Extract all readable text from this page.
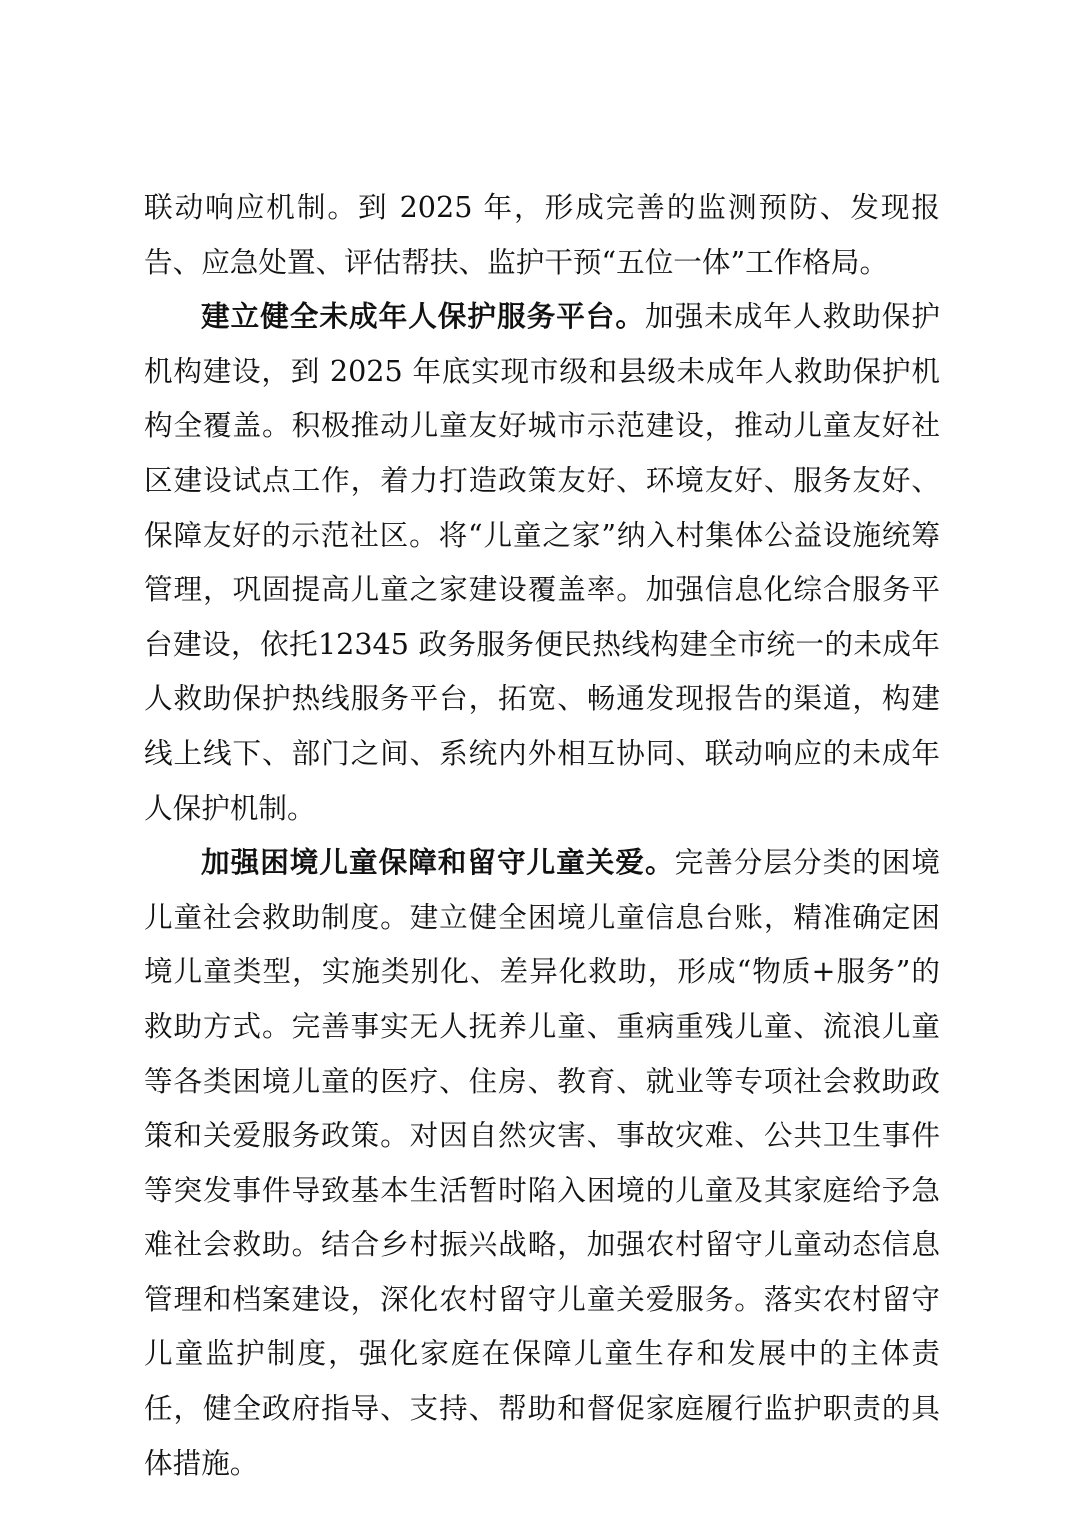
联动响应机制。到 2025 年，形成完善的监测预防、发现报告、应急处置、评估帮扶、监护干预“五位一体”工作格局。

建立健全未成年人保护服务平台。加强未成年人救助保护机构建设，到 2025 年底实现市级和县级未成年人救助保护机构全覆盖。积极推动儿童友好城市示范建设，推动儿童友好社区建设试点工作，着力打造政策友好、环境友好、服务友好、保障友好的示范社区。将“儿童之家”纳入村集体公益设施统筹管理，巩固提高儿童之家建设覆盖率。加强信息化综合服务平台建设，依托12345 政务服务便民热线构建全市统一的未成年人救助保护热线服务平台，拓宽、畅通发现报告的渠道，构建线上线下、部门之间、系统内外相互协同、联动响应的未成年人保护机制。

加强困境儿童保障和留守儿童关爱。完善分层分类的困境儿童社会救助制度。建立健全困境儿童信息台账，精准确定困境儿童类型，实施类别化、差异化救助，形成“物质+服务”的救助方式。完善事实无人抚养儿童、重病重残儿童、流浪儿童等各类困境儿童的医疗、住房、教育、就业等专项社会救助政策和关爱服务政策。对因自然灾害、事故灾难、公共卫生事件等突发事件导致基本生活暂时陷入困境的儿童及其家庭给予急难社会救助。结合乡村振兴战略，加强农村留守儿童动态信息管理和档案建设，深化农村留守儿童关爱服务。落实农村留守儿童监护制度，强化家庭在保障儿童生存和发展中的主体责任，健全政府指导、支持、帮助和督促家庭履行监护职责的具体措施。
